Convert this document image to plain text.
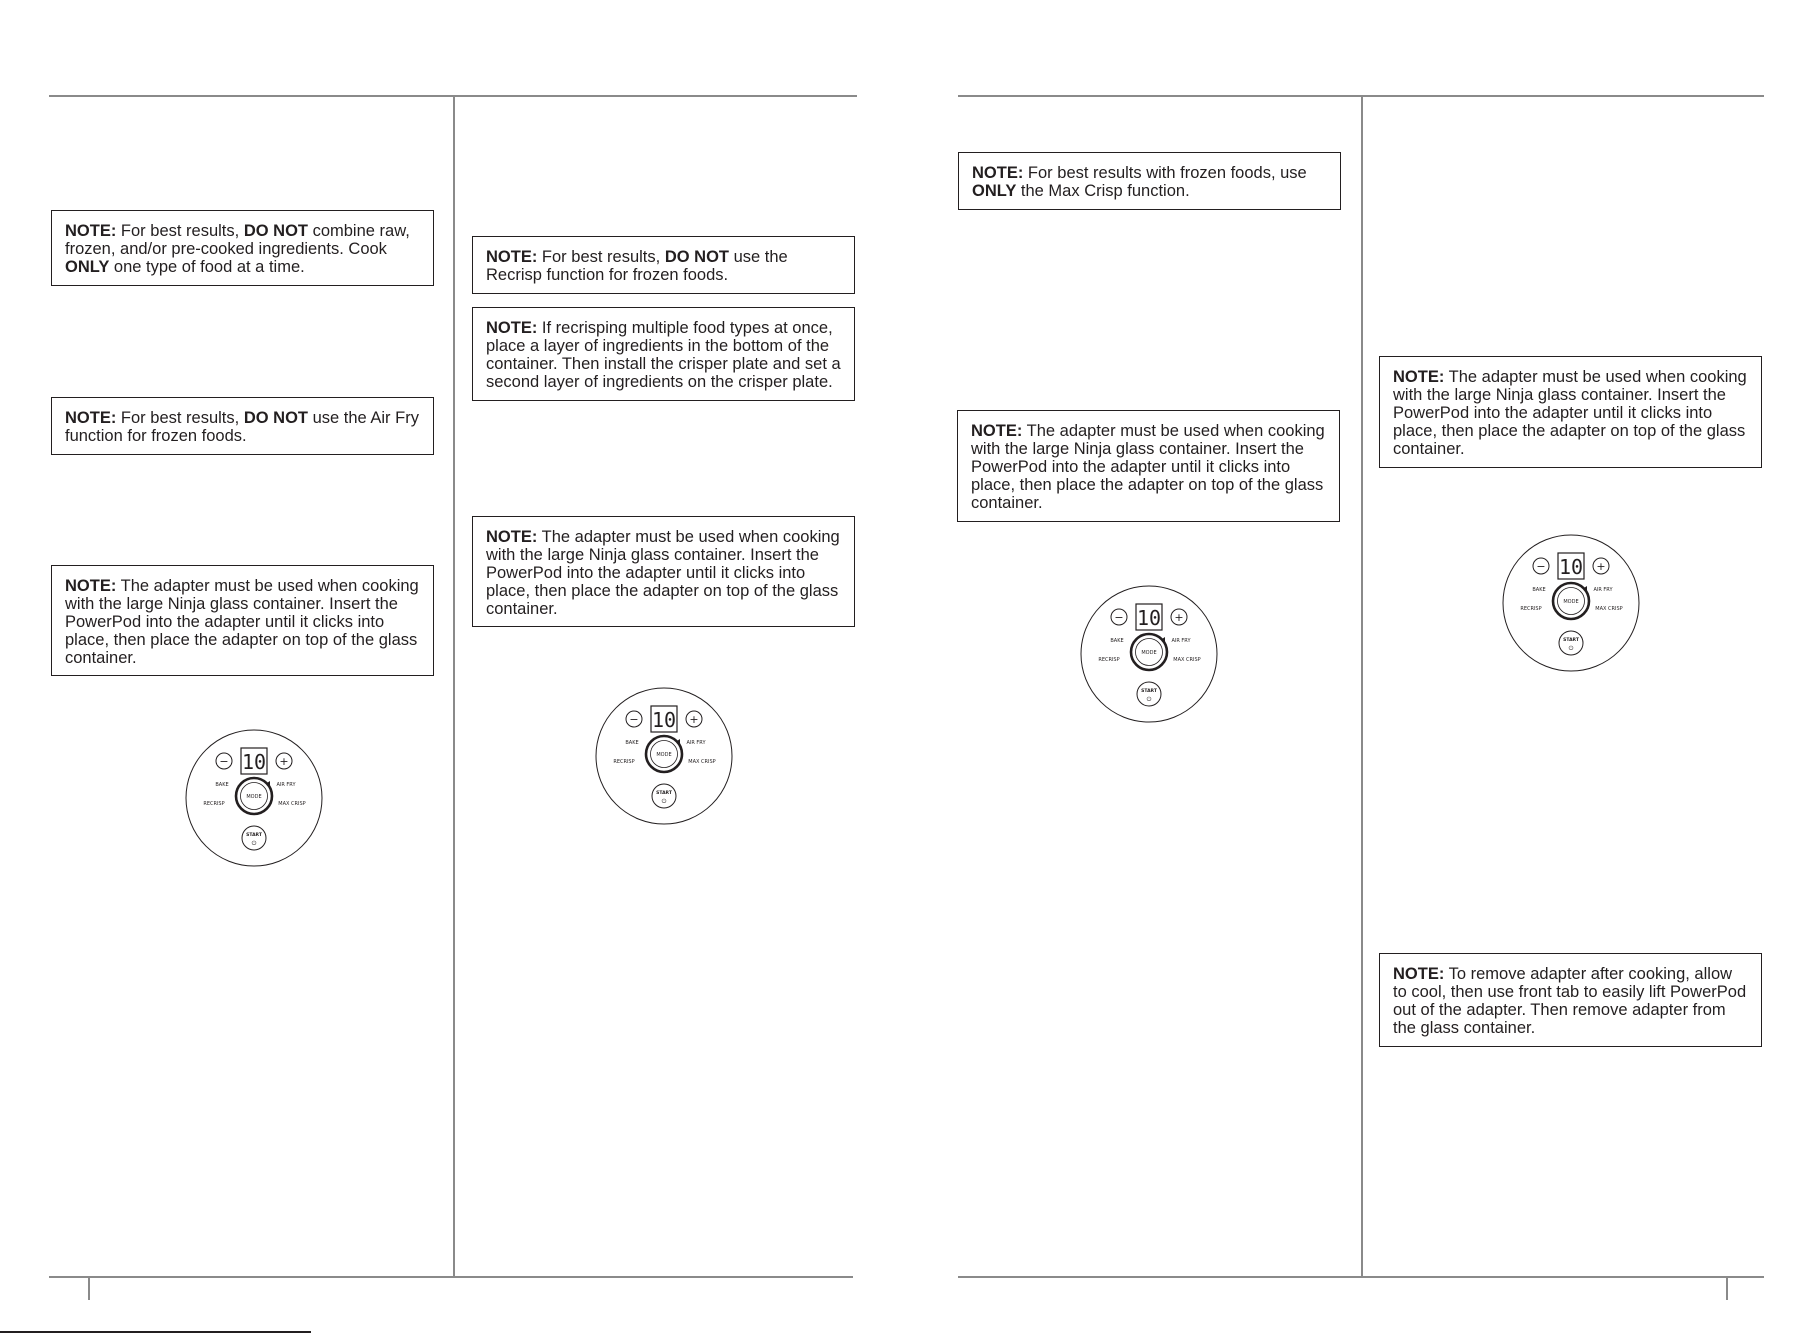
NOTE: For best results, DO NOT combine raw, frozen, and/or pre-cooked ingredients. Cook ONLY one type of food at a time.
NOTE: For best results, DO NOT use the Air Fry function for frozen foods.
NOTE: The adapter must be used when cooking with the large Ninja glass container. Insert the PowerPod into the adapter until it clicks into place, then place the adapter on top of the glass container.
NOTE: For best results, DO NOT use the Recrisp function for frozen foods.
NOTE: If recrisping multiple food types at once, place a layer of ingredients in the bottom of the container. Then install the crisper plate and set a second layer of ingredients on the crisper plate.
NOTE: The adapter must be used when cooking with the large Ninja glass container. Insert the PowerPod into the adapter until it clicks into place, then place the adapter on top of the glass container.
NOTE: For best results with frozen foods, use ONLY the Max Crisp function.
NOTE: The adapter must be used when cooking with the large Ninja glass container. Insert the PowerPod into the adapter until it clicks into place, then place the adapter on top of the glass container.
NOTE: The adapter must be used when cooking with the large Ninja glass container. Insert the PowerPod into the adapter until it clicks into place, then place the adapter on top of the glass container.
NOTE: To remove adapter after cooking, allow to cool, then use front tab to easily lift PowerPod out of the adapter. Then remove adapter from the glass container.
− 10 +
BAKE	AIR FRY
RECRISP	MAX CRISP
MODE
START
⏻
− 10 +
BAKE	AIR FRY
RECRISP	MAX CRISP
MODE
START
⏻
− 10 +
BAKE	AIR FRY
RECRISP	MAX CRISP
MODE
START
⏻
− 10 +
BAKE	AIR FRY
RECRISP	MAX CRISP
MODE
START
⏻
